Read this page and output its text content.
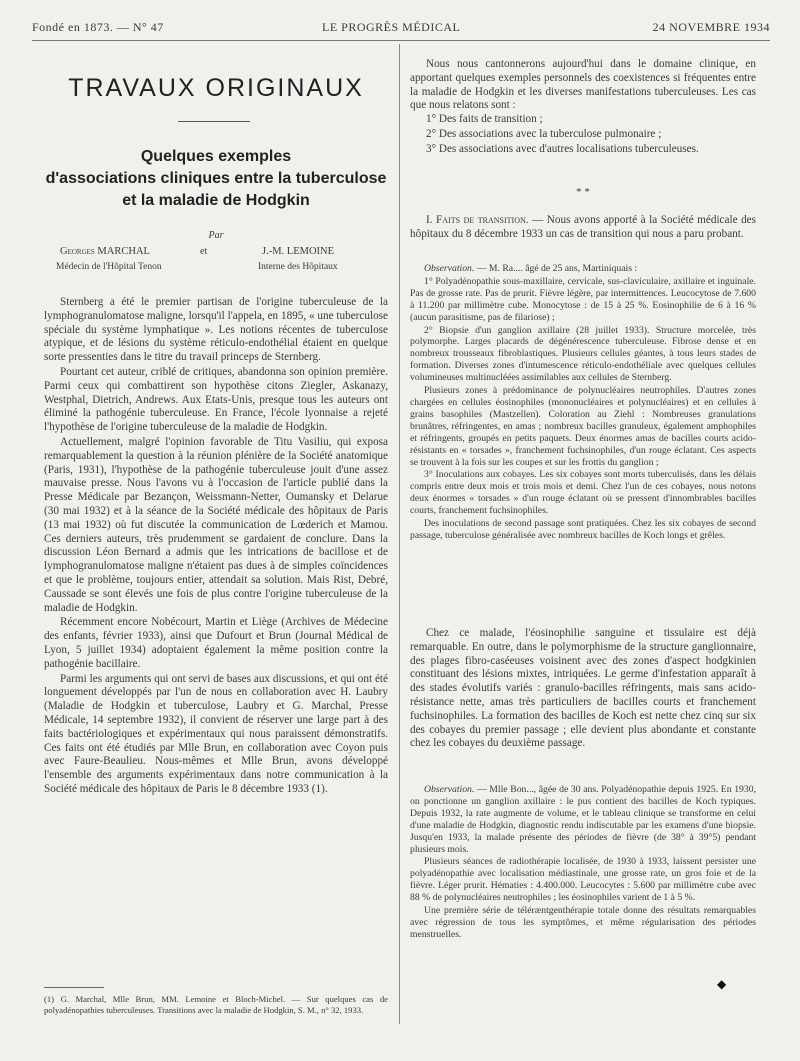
Fondé en 1873. — N° 47	LE PROGRÈS MÉDICAL	24 NOVEMBRE 1934
TRAVAUX ORIGINAUX
Quelques exemples
d'associations cliniques entre la tuberculose
et la maladie de Hodgkin
Par
Georges MARCHAL	et	J.-M. LEMOINE
Médecin de l'Hôpital Tenon	Interne des Hôpitaux

Sternberg a été le premier partisan de l'origine tuberculeuse de la lymphogranulomatose maligne, lorsqu'il l'appela, en 1895, « une tuberculose spéciale du système lymphatique ». Les notions récentes de tuberculose atypique, et de lésions du système réticulo-endothélial étaient en quelque sorte pressenties dans le titre du travail princeps de Sternberg.

Pourtant cet auteur, criblé de critiques, abandonna son opinion première. Parmi ceux qui combattirent son hypothèse citons Ziegler, Askanazy, Westphal, Dietrich, Andrews. Aux Etats-Unis, presque tous les auteurs ont éliminé la pathogénie tuberculeuse. En France, l'école lyonnaise a rejeté l'hypothèse de l'origine tuberculeuse de la maladie de Hodgkin.

Actuellement, malgré l'opinion favorable de Titu Vasiliu, qui exposa remarquablement la question à la réunion plénière de la Société anatomique (Paris, 1931), l'hypothèse de la pathogénie tuberculeuse jouit d'une assez mauvaise presse. Nous l'avons vu à l'occasion de l'article publié dans la Presse Médicale par Bezançon, Weissmann-Netter, Oumansky et Delarue (30 mai 1932) et à la séance de la Société médicale des hôpitaux de Paris (13 mai 1932) où fut discutée la communication de Lœderich et Mamou. Ces derniers auteurs, très prudemment se gardaient de conclure. Dans la discussion Léon Bernard a admis que les intrications de bacillose et de lymphogranulomatose maligne n'étaient pas dues à de simples coïncidences et que le problème, toujours entier, attendait sa solution. Mais Rist, Debré, Caussade se sont élevés une fois de plus contre l'origine tuberculeuse de la maladie de Hodgkin.

Récemment encore Nobécourt, Martin et Liège (Archives de Médecine des enfants, février 1933), ainsi que Dufourt et Brun (Journal Médical de Lyon, 5 juillet 1934) adoptaient également la même position contre la pathogénie bacillaire.

Parmi les arguments qui ont servi de bases aux discussions, et qui ont été longuement développés par l'un de nous en collaboration avec H. Laubry (Maladie de Hodgkin et tuberculose, Laubry et G. Marchal, Presse Médicale, 14 septembre 1932), il convient de réserver une large part à des faits bactériologiques et expérimentaux qui nous paraissent démonstratifs. Ces faits ont été étudiés par Mlle Brun, en collaboration avec Coyon puis avec Faure-Beaulieu. Nous-mêmes et Mlle Brun, avons développé l'ensemble des arguments expérimentaux dans notre communication à la Société médicale des hôpitaux de Paris le 8 décembre 1933 (1).

(1) G. Marchal, Mlle Brun, MM. Lemoine et Bloch-Michel. — Sur quelques cas de polyadénopathies tuberculeuses. Transitions avec la maladie de Hodgkin, S. M., n° 32, 1933.

Nous nous cantonnerons aujourd'hui dans le domaine clinique, en apportant quelques exemples personnels des coexistences si fréquentes entre la maladie de Hodgkin et les diverses manifestations tuberculeuses. Les cas que nous relatons sont :

1° Des faits de transition ;

2° Des associations avec la tuberculose pulmonaire ;

3° Des associations avec d'autres localisations tuberculeuses.

* *

I. Faits de transition. — Nous avons apporté à la Société médicale des hôpitaux du 8 décembre 1933 un cas de transition qui nous a paru probant.

Observation. — M. Ra.... âgé de 25 ans, Martiniquais :

1° Polyadénopathie sous-maxillaire, cervicale, sus-claviculaire, axillaire et inguinale. Pas de grosse rate. Pas de prurit. Fièvre légère, par intermittences. Leucocytose de 7.600 à 11.200 par millimètre cube. Monocytose : de 15 à 25 %. Eosinophilie de 6 à 16 % (aucun parasitisme, pas de filariose) ;

2° Biopsie d'un ganglion axillaire (28 juillet 1933). Structure morcelée, très polymorphe. Larges placards de dégénérescence tuberculeuse. Fibrose dense et en nombreux trousseaux fibroblastiques. Plusieurs cellules géantes, à tous leurs stades de formation. Diverses zones d'intumescence réticulo-endothéliale avec quelques cellules volumineuses multinucléées assimilables aux cellules de Sternberg.

Plusieurs zones à prédominance de polynucléaires neutrophiles. D'autres zones chargées en cellules éosinophiles (mononucléaires et polynucléaires) et en cellules à grains basophiles (Mastzellen). Coloration au Ziehl : Nombreuses granulations brunâtres, réfringentes, en amas ; nombreux bacilles granuleux, également amphophiles et réfringents, groupés en petits paquets. Deux énormes amas de bacilles courts acido-résistants en « torsades », franchement fuchsinophiles, d'un rouge éclatant. Ces aspects se trouvent à la fois sur les coupes et sur les frottis du ganglion ;

3° Inoculations aux cobayes. Les six cobayes sont morts tuberculisés, dans les délais compris entre deux mois et trois mois et demi. Chez l'un de ces cobayes, nous notons deux énormes « torsades » d'un rouge éclatant où se pressent d'innombrables bacilles courts, franchement fuchsinophiles.

Des inoculations de second passage sont pratiquées. Chez les six cobayes de second passage, tuberculose généralisée avec nombreux bacilles de Koch longs et grêles.

Chez ce malade, l'éosinophilie sanguine et tissulaire est déjà remarquable. En outre, dans le polymorphisme de la structure ganglionnaire, des plages fibro-caséeuses voisinent avec des zones d'aspect hodgkinien constituant des lésions mixtes, intriquées. Le germe d'infestation apparaît à des stades évolutifs variés : granulo-bacilles réfringents, mais sans acido-résistance nette, amas très particuliers de bacilles courts et franchement fuchsinophiles. La formation des bacilles de Koch est nette chez cinq sur six des cobayes du premier passage ; elle devient plus abondante et constante chez les cobayes du deuxième passage.

Observation. — Mlle Bon..., âgée de 30 ans. Polyadénopathie depuis 1925. En 1930, on ponctionne un ganglion axillaire : le pus contient des bacilles de Koch typiques. Depuis 1932, la rate augmente de volume, et le tableau clinique se transforme en celui d'une maladie de Hodgkin, diagnostic rendu indiscutable par les examens d'une biopsie. Jusqu'en 1933, la malade présente des périodes de fièvre (de 38° à 39°5) pendant plusieurs mois.

Plusieurs séances de radiothérapie localisée, de 1930 à 1933, laissent persister une polyadénopathie avec localisation médiastinale, une grosse rate, un gros foie et de la fièvre. Léger prurit. Hématies : 4.400.000. Leucocytes : 5.600 par millimètre cube avec 88 % de polynucléaires neutrophiles ; les éosinophiles varient de 1 à 5 %.

Une première série de téléræntgenthérapie totale donne des résultats remarquables avec régression de tous les symptômes, et même régularisation des périodes menstruelles.

◆
